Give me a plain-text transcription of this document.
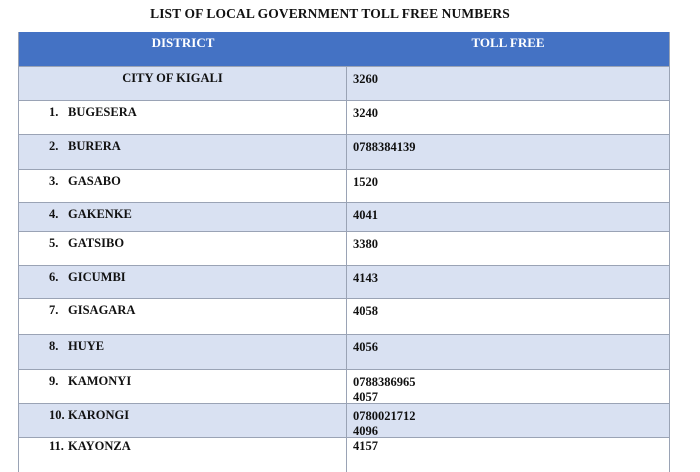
LIST OF LOCAL GOVERNMENT TOLL FREE NUMBERS
DISTRICT	TOLL FREE
CITY OF KIGALI	3260
1. BUGESERA	3240
2. BURERA	0788384139
3. GASABO	1520
4. GAKENKE	4041
5. GATSIBO	3380
6. GICUMBI	4143
7. GISAGARA	4058
8. HUYE	4056
9. KAMONYI	0788386965
4057
10. KARONGI	0780021712
4096
11. KAYONZA	4157
